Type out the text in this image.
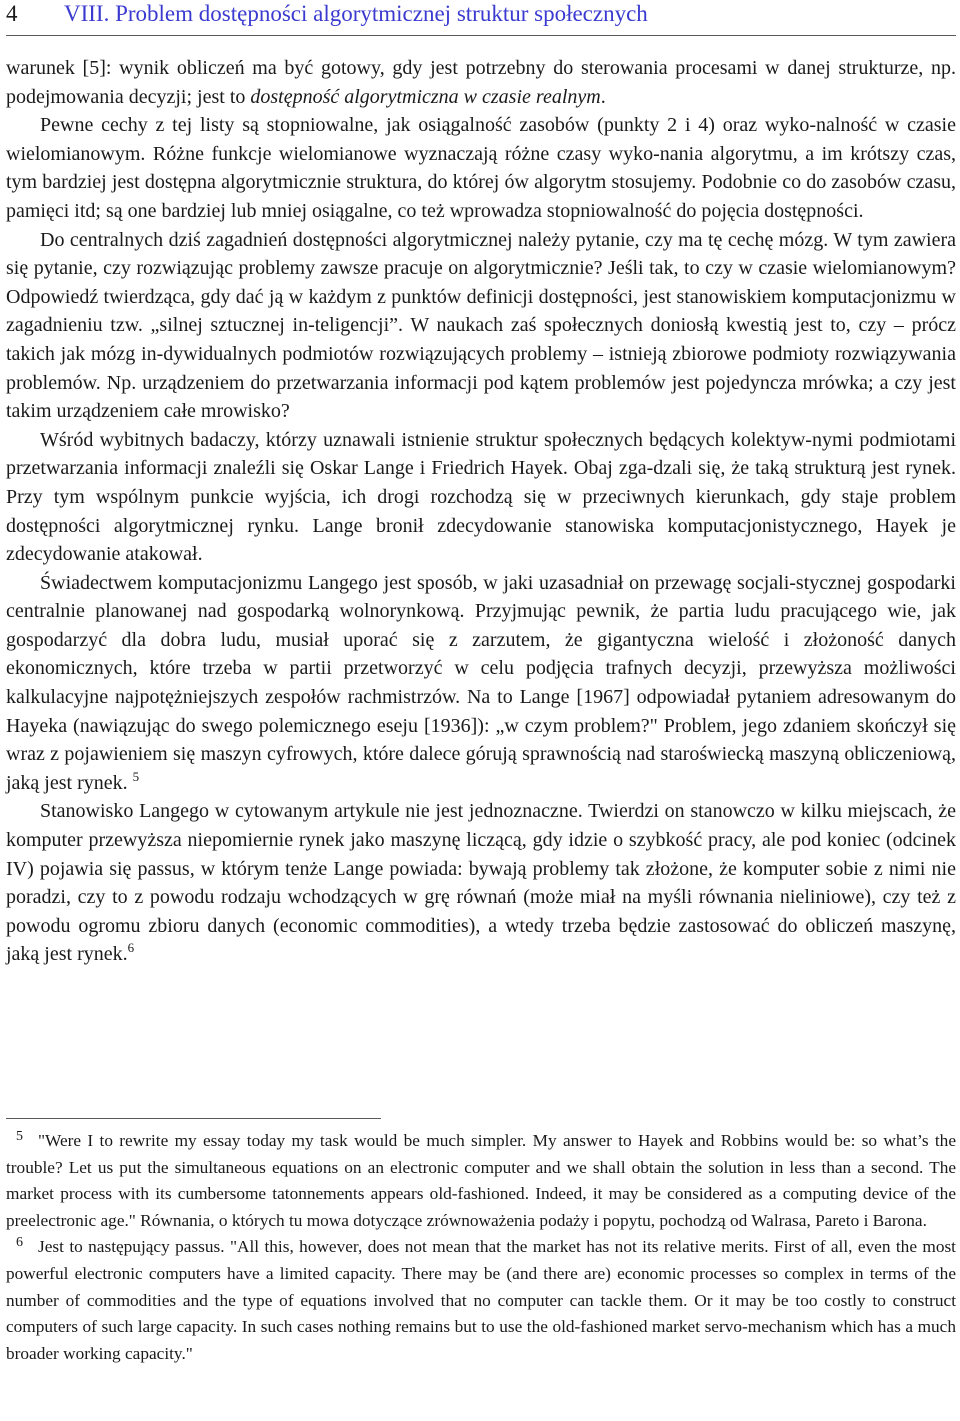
4 VIII. Problem dostępności algorytmicznej struktur społecznych

warunek [5]: wynik obliczeń ma być gotowy, gdy jest potrzebny do sterowania procesami w danej strukturze, np. podejmowania decyzji; jest to dostępność algorytmiczna w czasie realnym.

Pewne cechy z tej listy są stopniowalne, jak osiągalność zasobów (punkty 2 i 4) oraz wyko-nalność w czasie wielomianowym. Różne funkcje wielomianowe wyznaczają różne czasy wyko-nania algorytmu, a im krótszy czas, tym bardziej jest dostępna algorytmicznie struktura, do której ów algorytm stosujemy. Podobnie co do zasobów czasu, pamięci itd; są one bardziej lub mniej osiągalne, co też wprowadza stopniowalność do pojęcia dostępności.

Do centralnych dziś zagadnień dostępności algorytmicznej należy pytanie, czy ma tę cechę mózg. W tym zawiera się pytanie, czy rozwiązując problemy zawsze pracuje on algorytmicznie? Jeśli tak, to czy w czasie wielomianowym? Odpowiedź twierdząca, gdy dać ją w każdym z punktów definicji dostępności, jest stanowiskiem komputacjonizmu w zagadnieniu tzw. „silnej sztucznej in-teligencji”. W naukach zaś społecznych doniosłą kwestią jest to, czy – prócz takich jak mózg in-dywidualnych podmiotów rozwiązujących problemy – istnieją zbiorowe podmioty rozwiązywania problemów. Np. urządzeniem do przetwarzania informacji pod kątem problemów jest pojedyncza mrówka; a czy jest takim urządzeniem całe mrowisko?

Wśród wybitnych badaczy, którzy uznawali istnienie struktur społecznych będących kolektyw-nymi podmiotami przetwarzania informacji znaleźli się Oskar Lange i Friedrich Hayek. Obaj zga-dzali się, że taką strukturą jest rynek. Przy tym wspólnym punkcie wyjścia, ich drogi rozchodzą się w przeciwnych kierunkach, gdy staje problem dostępności algorytmicznej rynku. Lange bronił zdecydowanie stanowiska komputacjonistycznego, Hayek je zdecydowanie atakował.

Świadectwem komputacjonizmu Langego jest sposób, w jaki uzasadniał on przewagę socjali-stycznej gospodarki centralnie planowanej nad gospodarką wolnorynkową. Przyjmując pewnik, że partia ludu pracującego wie, jak gospodarzyć dla dobra ludu, musiał uporać się z zarzutem, że gigantyczna wielość i złożoność danych ekonomicznych, które trzeba w partii przetworzyć w celu podjęcia trafnych decyzji, przewyższa możliwości kalkulacyjne najpotężniejszych zespołów rachmistrzów. Na to Lange [1967] odpowiadał pytaniem adresowanym do Hayeka (nawiązując do swego polemicznego eseju [1936]): „w czym problem?" Problem, jego zdaniem skończył się wraz z pojawieniem się maszyn cyfrowych, które dalece górują sprawnością nad staroświecką maszyną obliczeniową, jaką jest rynek. $^5$

Stanowisko Langego w cytowanym artykule nie jest jednoznaczne. Twierdzi on stanowczo w kilku miejscach, że komputer przewyższa niepomiernie rynek jako maszynę liczącą, gdy idzie o szybkość pracy, ale pod koniec (odcinek IV) pojawia się passus, w którym tenże Lange powiada: bywają problemy tak złożone, że komputer sobie z nimi nie poradzi, czy to z powodu rodzaju wchodzących w grę równań (może miał na myśli równania nieliniowe), czy też z powodu ogromu zbioru danych (economic commodities), a wtedy trzeba będzie zastosować do obliczeń maszynę, jaką jest rynek.$^6$

5 "Were I to rewrite my essay today my task would be much simpler. My answer to Hayek and Robbins would be: so what’s the trouble? Let us put the simultaneous equations on an electronic computer and we shall obtain the solution in less than a second. The market process with its cumbersome tatonnements appears old-fashioned. Indeed, it may be considered as a computing device of the preelectronic age." Równania, o których tu mowa dotyczące zrównoważenia podaży i popytu, pochodzą od Walrasa, Pareto i Barona.

6 Jest to następujący passus. "All this, however, does not mean that the market has not its relative merits. First of all, even the most powerful electronic computers have a limited capacity. There may be (and there are) economic processes so complex in terms of the number of commodities and the type of equations involved that no computer can tackle them. Or it may be too costly to construct computers of such large capacity. In such cases nothing remains but to use the old-fashioned market servo-mechanism which has a much broader working capacity."
